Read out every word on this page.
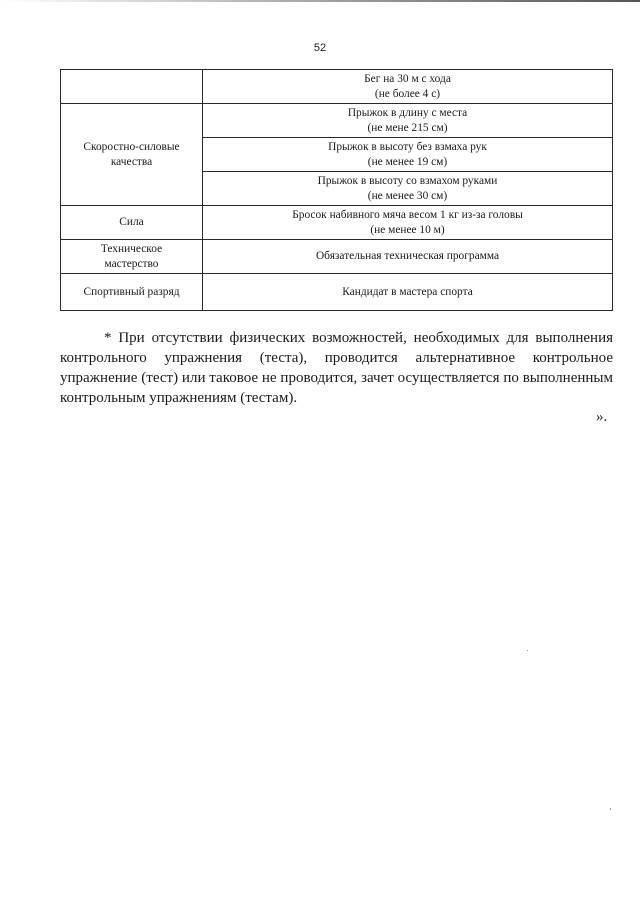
52

	Бег на 30 м с хода
(не более 4 с)

Скоростно-силовые
качества	Прыжок в длину с места
(не мене 215 см)

	Прыжок в высоту без взмаха рук
(не менее 19 см)

	Прыжок в высоту со взмахом руками
(не менее 30 см)

Сила	Бросок набивного мяча весом 1 кг из-за головы
(не менее 10 м)

Техническое
мастерство	Обязательная техническая программа
Спортивный разряд	Кандидат в мастера спорта

* При отсутствии физических возможностей, необходимых для выполнения контрольного упражнения (теста), проводится альтернативное контрольное упражнение (тест) или таковое не проводится, зачет осуществляется по выполненным контрольным упражнениям (тестам).

».
